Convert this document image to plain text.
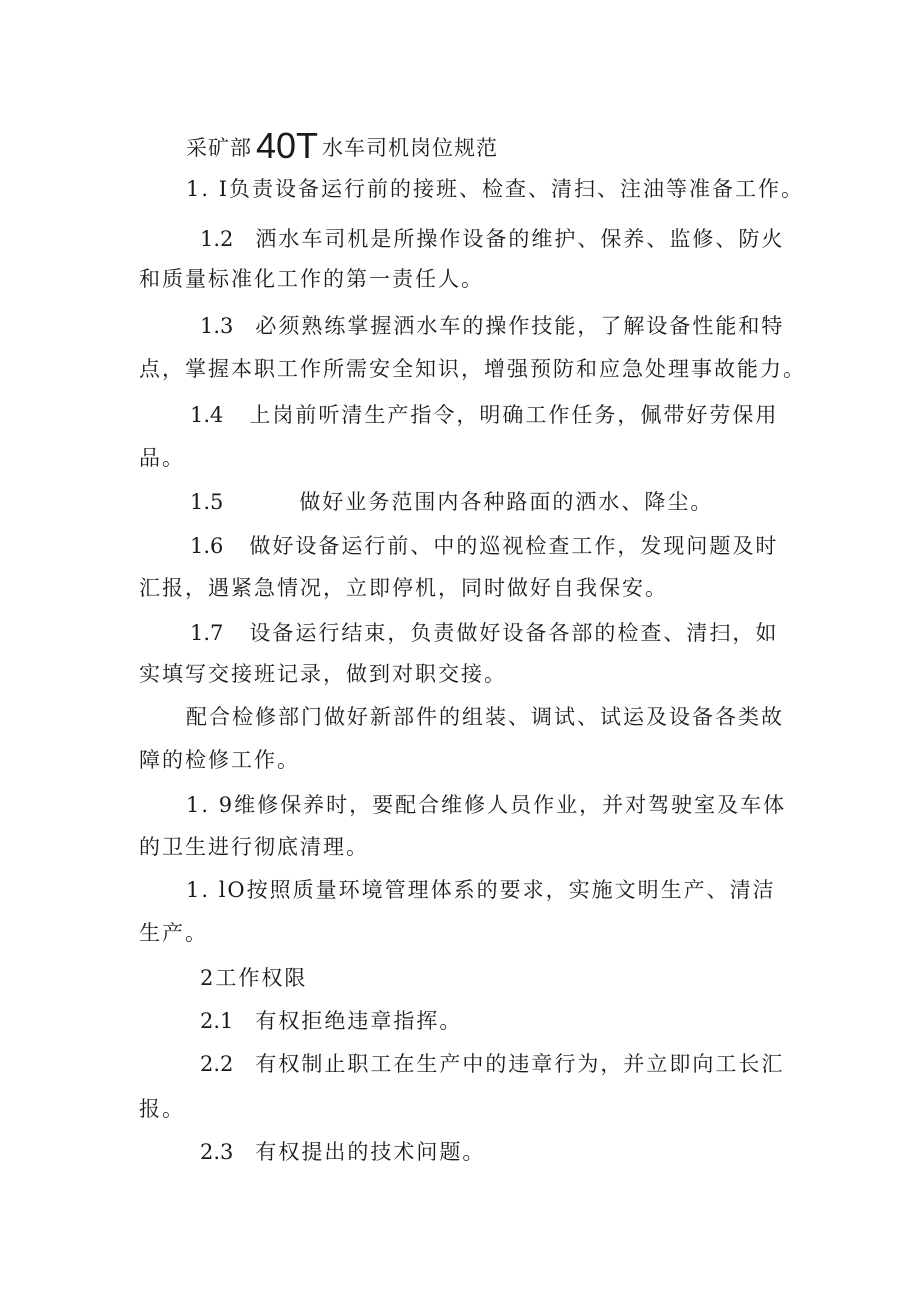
采矿部 40T 水车司机岗位规范
1. I负责设备运行前的接班、检查、清扫、注油等准备工作。
1.2 洒水车司机是所操作设备的维护、保养、监修、防火
和质量标准化工作的第一责任人。
1.3 必须熟练掌握洒水车的操作技能，了解设备性能和特
点，掌握本职工作所需安全知识，增强预防和应急处理事故能力。
1.4 上岗前听清生产指令，明确工作任务，佩带好劳保用
品。
1.5	做好业务范围内各种路面的洒水、降尘。
1.6 做好设备运行前、中的巡视检查工作，发现问题及时
汇报，遇紧急情况，立即停机，同时做好自我保安。
1.7 设备运行结束，负责做好设备各部的检查、清扫，如
实填写交接班记录，做到对职交接。
配合检修部门做好新部件的组装、调试、试运及设备各类故
障的检修工作。
1. 9维修保养时，要配合维修人员作业，并对驾驶室及车体
的卫生进行彻底清理。
1. lO按照质量环境管理体系的要求，实施文明生产、清洁
生产。
2工作权限
2.1 有权拒绝违章指挥。
2.2 有权制止职工在生产中的违章行为，并立即向工长汇
报。
2.3 有权提出的技术问题。
